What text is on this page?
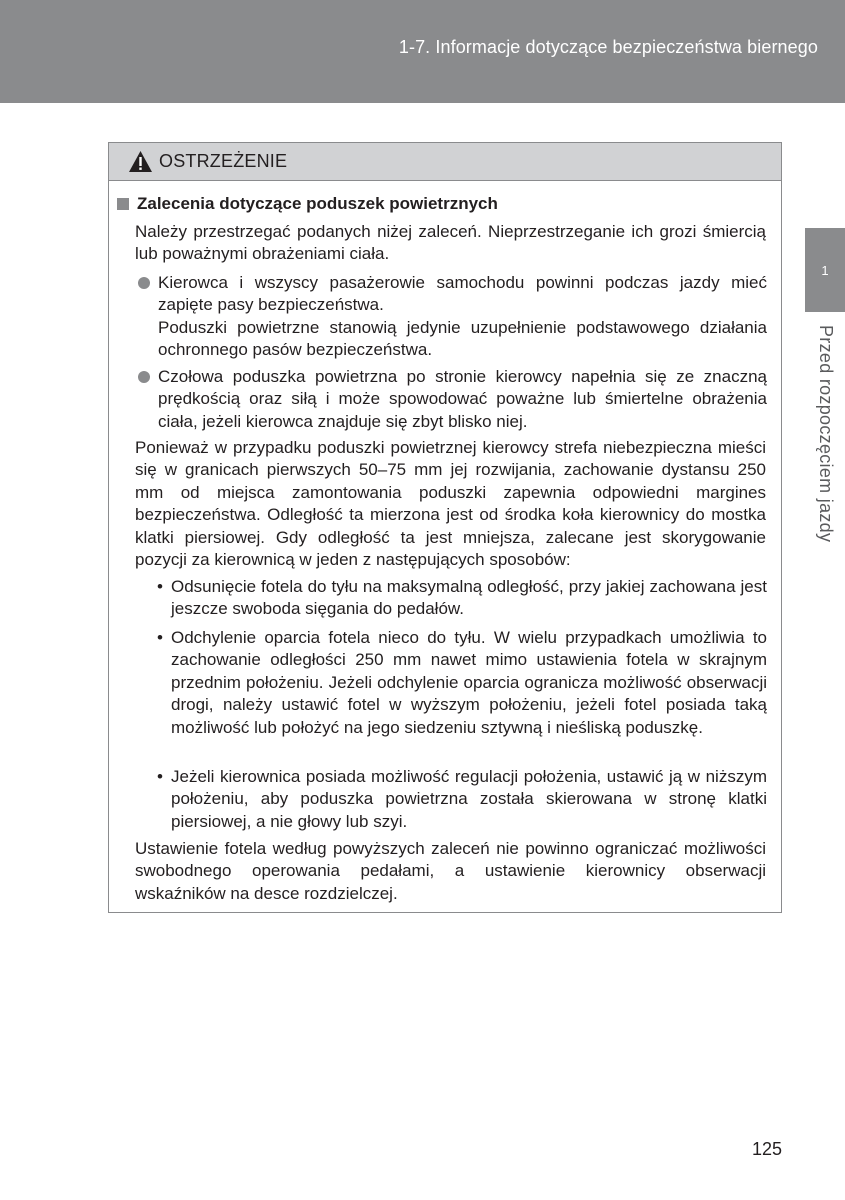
1-7. Informacje dotyczące bezpieczeństwa biernego
1
Przed rozpoczęciem jazdy
OSTRZEŻENIE
Zalecenia dotyczące poduszek powietrznych

Należy przestrzegać podanych niżej zaleceń. Nieprzestrzeganie ich grozi śmiercią lub poważnymi obrażeniami ciała.

Kierowca i wszyscy pasażerowie samochodu powinni podczas jazdy mieć zapięte pasy bezpieczeństwa.

Poduszki powietrzne stanowią jedynie uzupełnienie podstawowego działania ochronnego pasów bezpieczeństwa.

Czołowa poduszka powietrzna po stronie kierowcy napełnia się ze znaczną prędkością oraz siłą i może spowodować poważne lub śmiertelne obrażenia ciała, jeżeli kierowca znajduje się zbyt blisko niej.

Ponieważ w przypadku poduszki powietrznej kierowcy strefa niebezpieczna mieści się w granicach pierwszych 50–75 mm jej rozwijania, zachowanie dystansu 250 mm od miejsca zamontowania poduszki zapewnia odpowiedni margines bezpieczeństwa. Odległość ta mierzona jest od środka koła kierownicy do mostka klatki piersiowej. Gdy odległość ta jest mniejsza, zalecane jest skorygowanie pozycji za kierownicą w jeden z następujących sposobów:

• Odsunięcie fotela do tyłu na maksymalną odległość, przy jakiej zachowana jest jeszcze swoboda sięgania do pedałów.

• Odchylenie oparcia fotela nieco do tyłu. W wielu przypadkach umożliwia to zachowanie odległości 250 mm nawet mimo ustawienia fotela w skrajnym przednim położeniu. Jeżeli odchylenie oparcia ogranicza możliwość obserwacji drogi, należy ustawić fotel w wyższym położeniu, jeżeli fotel posiada taką możliwość lub położyć na jego siedzeniu sztywną i nieśliską poduszkę.

• Jeżeli kierownica posiada możliwość regulacji położenia, ustawić ją w niższym położeniu, aby poduszka powietrzna została skierowana w stronę klatki piersiowej, a nie głowy lub szyi.

Ustawienie fotela według powyższych zaleceń nie powinno ograniczać możliwości swobodnego operowania pedałami, a ustawienie kierownicy obserwacji wskaźników na desce rozdzielczej.

125
